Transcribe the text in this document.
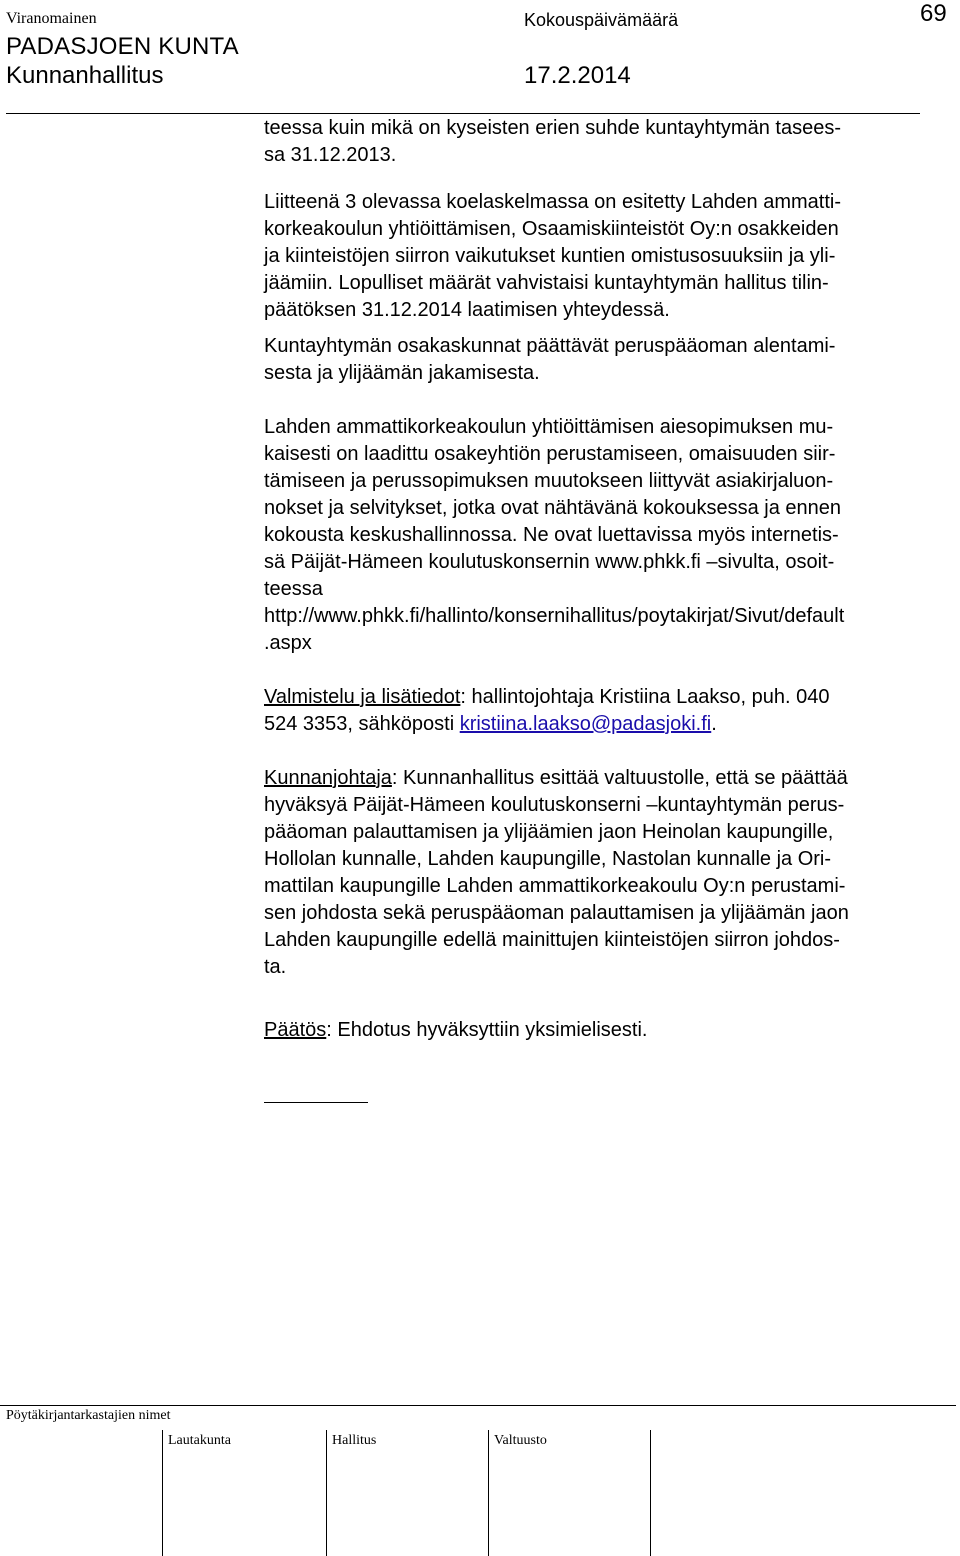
Viranomainen	Kokouspäivämäärä	69
PADASJOEN KUNTA
Kunnanhallitus	17.2.2014
teessa kuin mikä on kyseisten erien suhde kuntayhtymän tasees-
sa 31.12.2013.
Liitteenä 3 olevassa koelaskelmassa on esitetty Lahden ammatti-
korkeakoulun yhtiöittämisen, Osaamiskiinteistöt Oy:n osakkeiden
ja kiinteistöjen siirron vaikutukset kuntien omistusosuuksiin ja yli-
jäämiin. Lopulliset määrät vahvistaisi kuntayhtymän hallitus tilin-
päätöksen 31.12.2014 laatimisen yhteydessä.
Kuntayhtymän osakaskunnat päättävät peruspääoman alentami-
sesta ja ylijäämän jakamisesta.
Lahden ammattikorkeakoulun yhtiöittämisen aiesopimuksen mu-
kaisesti on laadittu osakeyhtiön perustamiseen, omaisuuden siir-
tämiseen ja perussopimuksen muutokseen liittyvät asiakirjaluon-
nokset ja selvitykset, jotka ovat nähtävänä kokouksessa ja ennen
kokousta keskushallinnossa. Ne ovat luettavissa myös internetis-
sä Päijät-Hämeen koulutuskonsernin www.phkk.fi –sivulta, osoit-
teessa
http://www.phkk.fi/hallinto/konsernihallitus/poytakirjat/Sivut/default
.aspx
Valmistelu ja lisätiedot: hallintojohtaja Kristiina Laakso, puh. 040
524 3353, sähköposti kristiina.laakso@padasjoki.fi.
Kunnanjohtaja: Kunnanhallitus esittää valtuustolle, että se päättää
hyväksyä Päijät-Hämeen koulutuskonserni –kuntayhtymän perus-
pääoman palauttamisen ja ylijäämien jaon Heinolan kaupungille,
Hollolan kunnalle, Lahden kaupungille, Nastolan kunnalle ja Ori-
mattilan kaupungille Lahden ammattikorkeakoulu Oy:n perustami-
sen johdosta sekä peruspääoman palauttamisen ja ylijäämän jaon
Lahden kaupungille edellä mainittujen kiinteistöjen siirron johdos-
ta.
Päätös: Ehdotus hyväksyttiin yksimielisesti.
Pöytäkirjantarkastajien nimet
Lautakunta	Hallitus	Valtuusto
